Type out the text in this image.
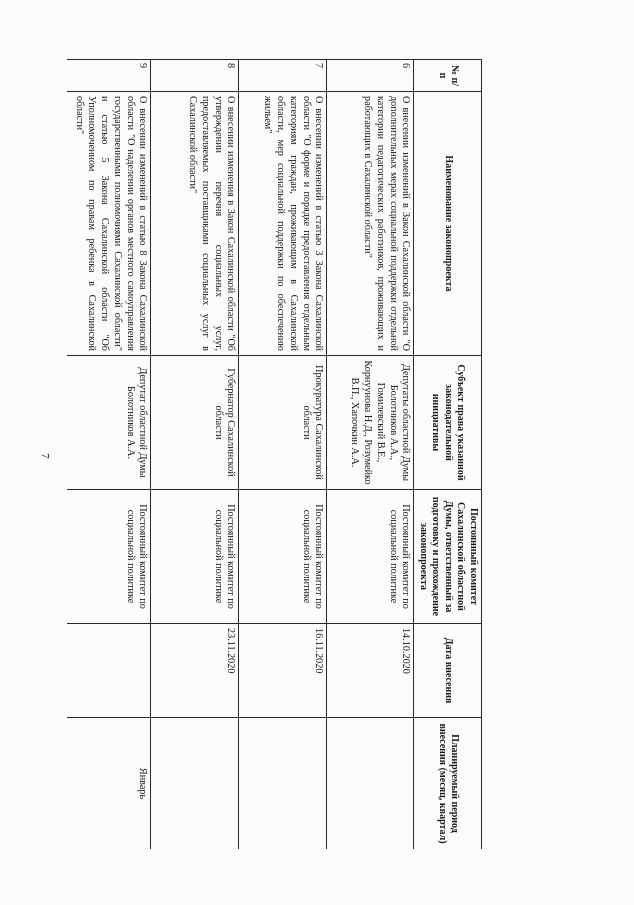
7
№ п/п	Наименование законопроекта	Субъект права указанной законодательной инициативы	Постоянный комитет Сахалинской областной Думы, ответственный за подготовку и прохождение законопроекта	Дата внесения	Планируемый период внесения (месяц, квартал)
6	О внесении изменений в Закон Сахалинской области "О дополнительных мерах социальной поддержки отдельной категории педагогических работников, проживающих и работающих в Сахалинской области"	Депутаты областной Думы Болотников А.А., Гомилевский В.Е., Корнуунова Н.Д., Розумейко В.П., Хапочкин А.А.	Постоянный комитет по социальной политике	14.10.2020	
7	О внесении изменений в статью 3 Закона Сахалинской области "О форме и порядке предоставления отдельным категориям граждан, проживающим в Сахалинской области, мер социальной поддержки по обеспечению жильем"	Прокуратура Сахалинской области	Постоянный комитет по социальной политике	16.11.2020	
8	О внесении изменения в Закон Сахалинской области "Об утверждении перечня социальных услуг, предоставляемых поставщиками социальных услуг в Сахалинской области"	Губернатор Сахалинской области	Постоянный комитет по социальной политике	23.11.2020	
9	О внесении изменений в статью 8 Закона Сахалинской области "О наделении органов местного самоуправления государственными полномочиями Сахалинской области" и статью 5 Закона Сахалинской области "Об Уполномоченном по правам ребенка в Сахалинской области"	Депутат областной Думы Болотников А.А.	Постоянный комитет по социальной политике		Январь
